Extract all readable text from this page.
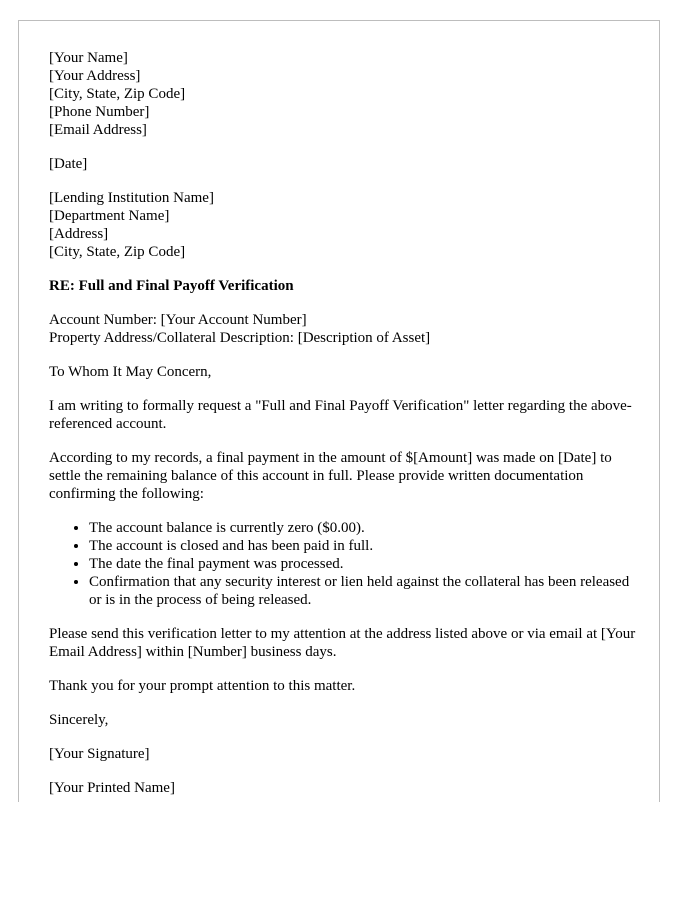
[Your Name]
[Your Address]
[City, State, Zip Code]
[Phone Number]
[Email Address]

[Date]

[Lending Institution Name]
[Department Name]
[Address]
[City, State, Zip Code]
RE: Full and Final Payoff Verification
Account Number: [Your Account Number]
Property Address/Collateral Description: [Description of Asset]

To Whom It May Concern,

I am writing to formally request a "Full and Final Payoff Verification" letter regarding the above-referenced account.

According to my records, a final payment in the amount of $[Amount] was made on [Date] to settle the remaining balance of this account in full. Please provide written documentation confirming the following:

• The account balance is currently zero ($0.00).
• The account is closed and has been paid in full.
• The date the final payment was processed.
• Confirmation that any security interest or lien held against the collateral has been released or is in the process of being released.

Please send this verification letter to my attention at the address listed above or via email at [Your Email Address] within [Number] business days.

Thank you for your prompt attention to this matter.

Sincerely,

[Your Signature]

[Your Printed Name]
